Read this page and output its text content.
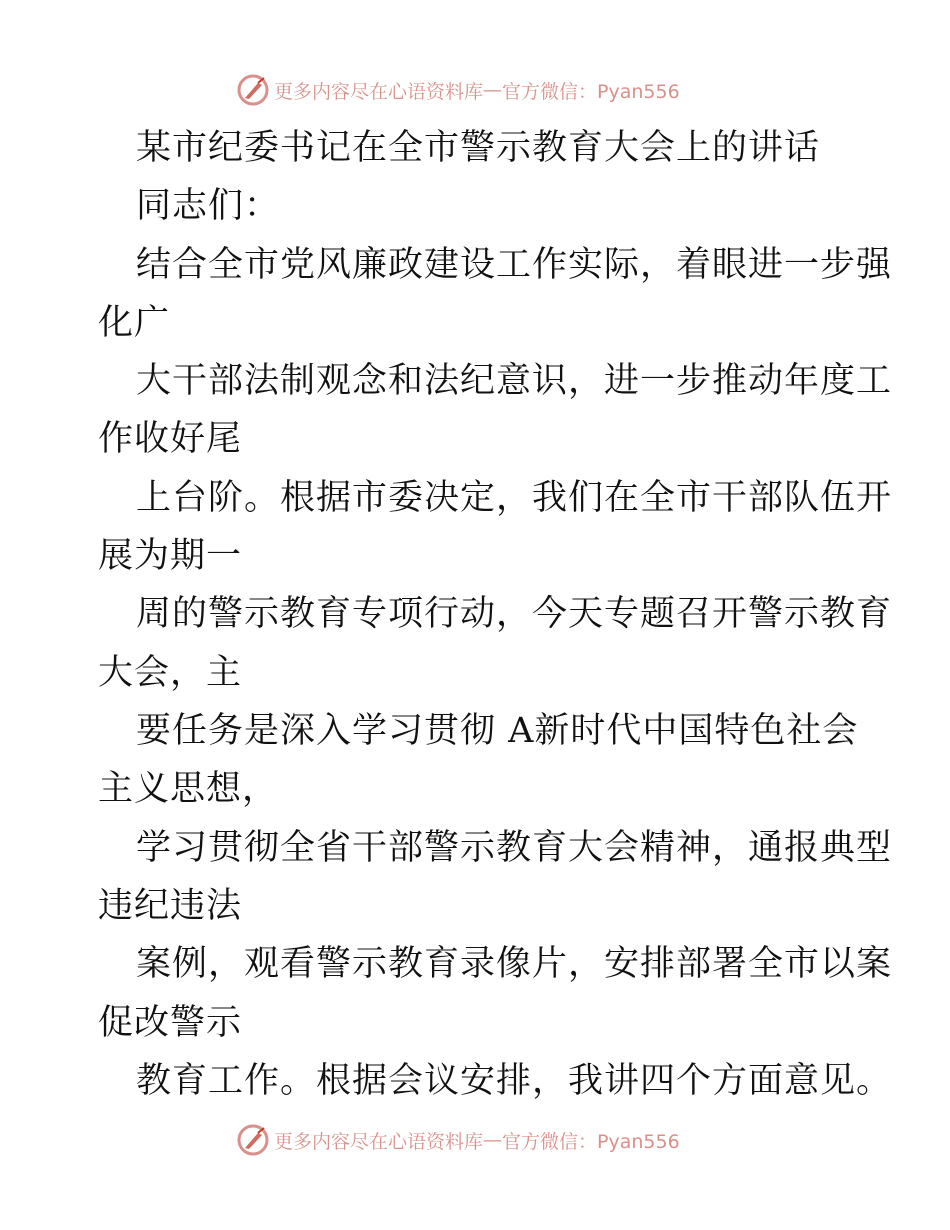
更多内容尽在心语资料库 — 官方微信：Pyan556
某市纪委书记在全市警示教育大会上的讲话
同志们：
结合全市党风廉政建设工作实际，着眼进一步强
化广
大干部法制观念和法纪意识，进一步推动年度工
作收好尾
上台阶。根据市委决定，我们在全市干部队伍开
展为期一
周的警示教育专项行动，今天专题召开警示教育
大会，主
要任务是深入学习贯彻 A新时代中国特色社会
主义思想，
学习贯彻全省干部警示教育大会精神，通报典型
违纪违法
案例，观看警示教育录像片，安排部署全市以案
促改警示
教育工作。根据会议安排，我讲四个方面意见。
更多内容尽在心语资料库 — 官方微信：Pyan556
